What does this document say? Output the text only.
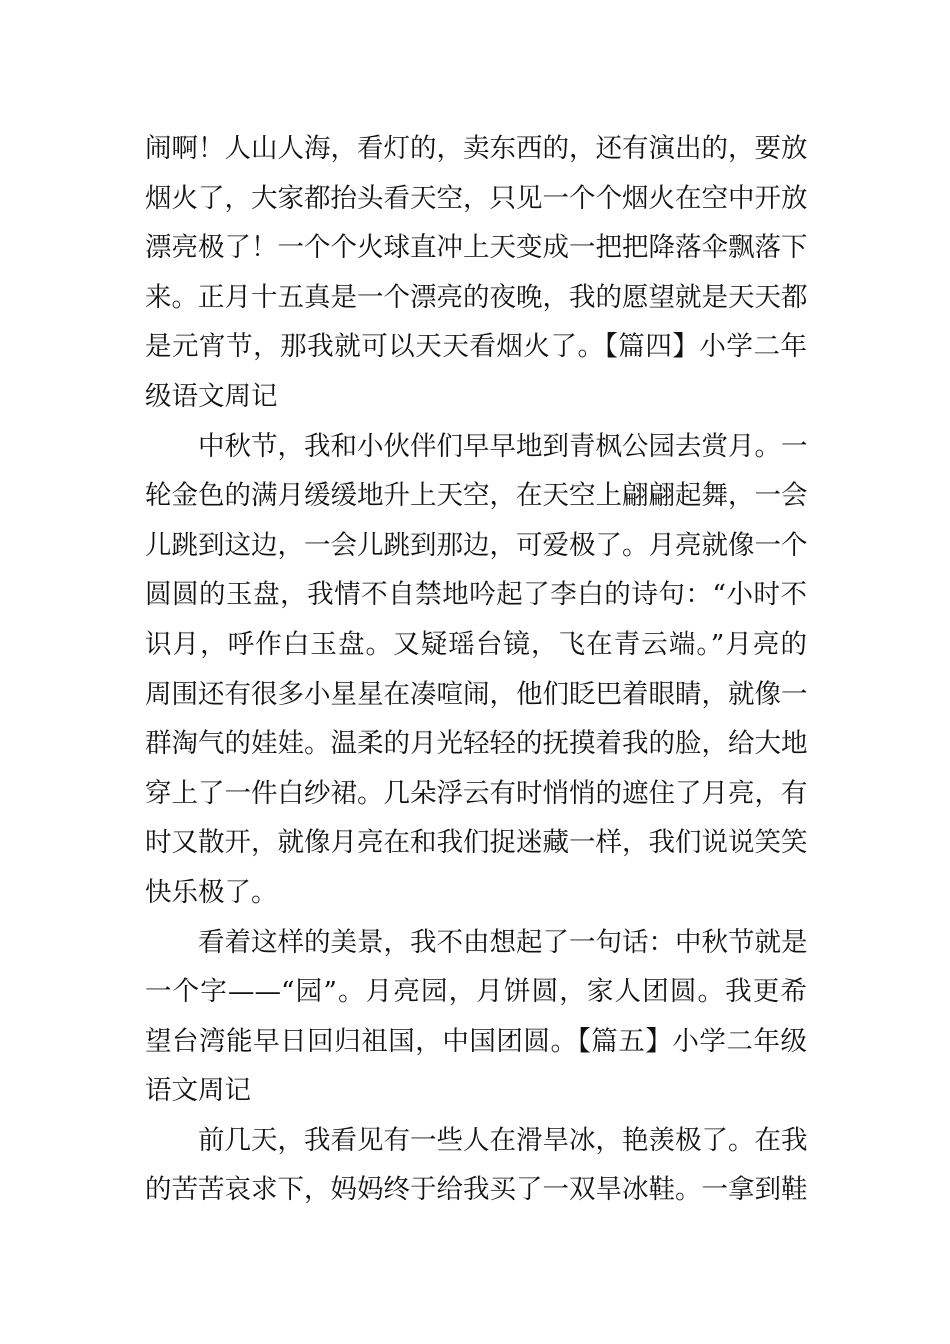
闹啊！人山人海，看灯的，卖东西的，还有演出的，要放
烟火了，大家都抬头看天空，只见一个个烟火在空中开放
漂亮极了！一个个火球直冲上天变成一把把降落伞飘落下
来。正月十五真是一个漂亮的夜晚，我的愿望就是天天都
是元宵节，那我就可以天天看烟火了。【篇四】小学二年
级语文周记
　　中秋节，我和小伙伴们早早地到青枫公园去赏月。一
轮金色的满月缓缓地升上天空，在天空上翩翩起舞，一会
儿跳到这边，一会儿跳到那边，可爱极了。月亮就像一个
圆圆的玉盘，我情不自禁地吟起了李白的诗句：“小时不
识月，呼作白玉盘。又疑瑶台镜，飞在青云端。”月亮的
周围还有很多小星星在凑喧闹，他们眨巴着眼睛，就像一
群淘气的娃娃。温柔的月光轻轻的抚摸着我的脸，给大地
穿上了一件白纱裙。几朵浮云有时悄悄的遮住了月亮，有
时又散开，就像月亮在和我们捉迷藏一样，我们说说笑笑
快乐极了。
　　看着这样的美景，我不由想起了一句话：中秋节就是
一个字——“园”。月亮园，月饼圆，家人团圆。我更希
望台湾能早日回归祖国，中国团圆。【篇五】小学二年级
语文周记
　　前几天，我看见有一些人在滑旱冰，艳羡极了。在我
的苦苦哀求下，妈妈终于给我买了一双旱冰鞋。一拿到鞋
